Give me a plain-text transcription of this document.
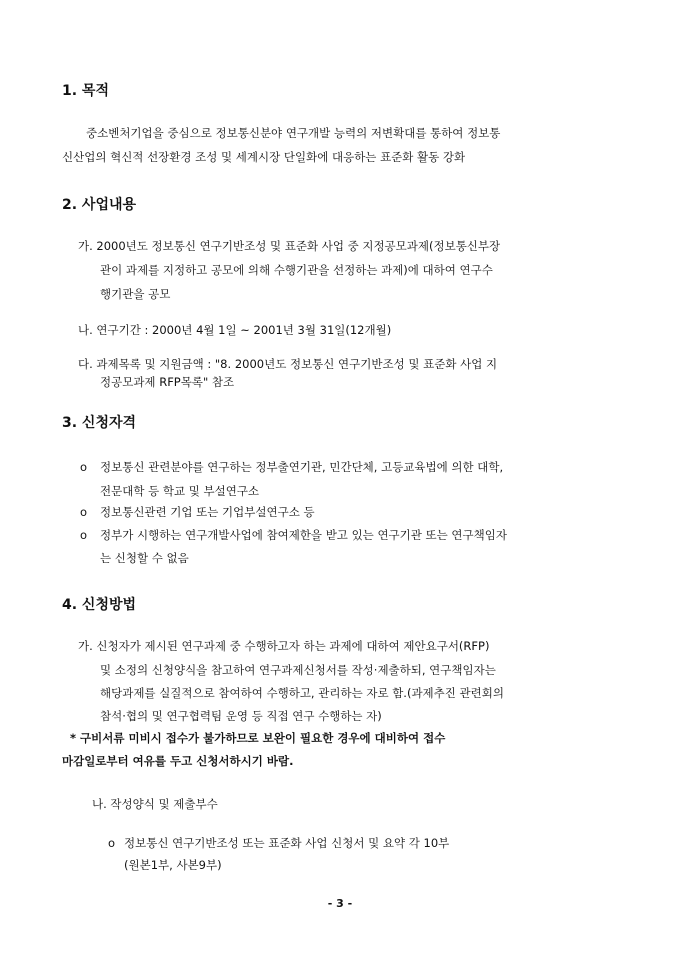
1. 목적
중소벤처기업을 중심으로 정보통신분야 연구개발 능력의 저변확대를 통하여 정보통
신산업의 혁신적 선장환경 조성 및 세계시장 단일화에 대응하는 표준화 활동 강화
2. 사업내용
가. 2000년도 정보통신 연구기반조성 및 표준화 사업 중 지정공모과제(정보통신부장
관이 과제를 지정하고 공모에 의해 수행기관을 선정하는 과제)에 대하여 연구수
행기관을 공모
나. 연구기간 : 2000년 4월 1일 ~ 2001년 3월 31일(12개월)
다. 과제목록 및 지원금액 : "8. 2000년도 정보통신 연구기반조성 및 표준화 사업 지
정공모과제 RFP목록" 참조
3. 신청자격
o 정보통신 관련분야를 연구하는 정부출연기관, 민간단체, 고등교육법에 의한 대학,
전문대학 등 학교 및 부설연구소
o 정보통신관련 기업 또는 기업부설연구소 등
o 정부가 시행하는 연구개발사업에 참여제한을 받고 있는 연구기관 또는 연구책임자
는 신청할 수 없음
4. 신청방법
가. 신청자가 제시된 연구과제 중 수행하고자 하는 과제에 대하여 제안요구서(RFP)
및 소정의 신청양식을 참고하여 연구과제신청서를 작성·제출하되, 연구책임자는
해당과제를 실질적으로 참여하여 수행하고, 관리하는 자로 함.(과제추진 관련회의
참석·협의 및 연구협력팀 운영 등 직접 연구 수행하는 자)
* 구비서류 미비시 접수가 불가하므로 보완이 필요한 경우에 대비하여 접수
마감일로부터 여유를 두고 신청서하시기 바람.
나. 작성양식 및 제출부수
o 정보통신 연구기반조성 또는 표준화 사업 신청서 및 요약 각 10부
(원본1부, 사본9부)
- 3 -
